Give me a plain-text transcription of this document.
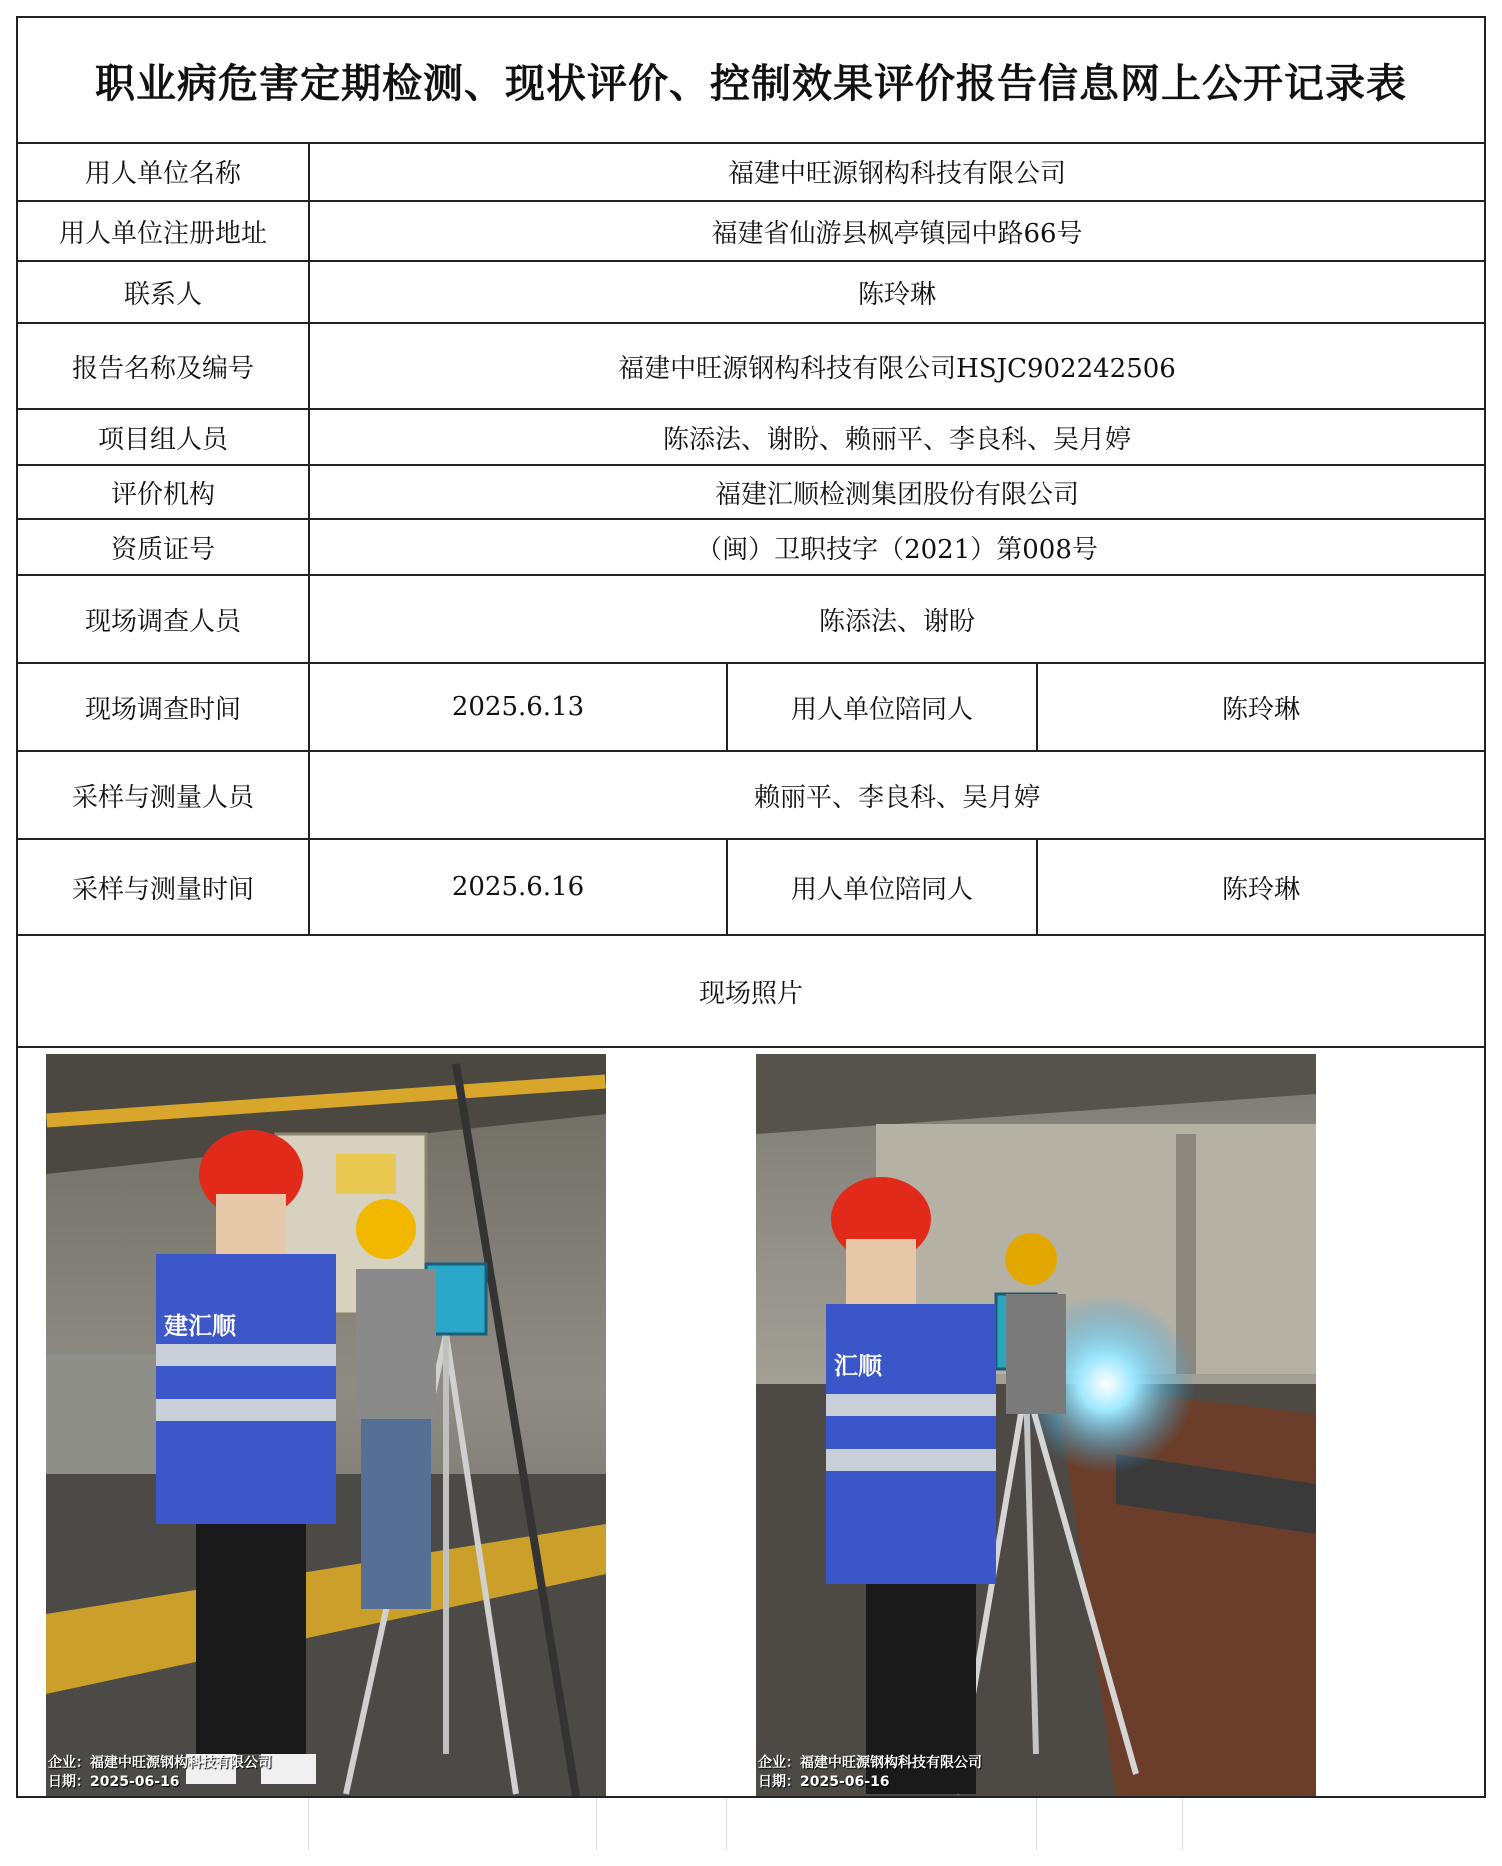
职业病危害定期检测、现状评价、控制效果评价报告信息网上公开记录表
用人单位名称	福建中旺源钢构科技有限公司
用人单位注册地址	福建省仙游县枫亭镇园中路66号
联系人	陈玲琳
报告名称及编号	福建中旺源钢构科技有限公司HSJC902242506
项目组人员	陈添法、谢盼、赖丽平、李良科、吴月婷
评价机构	福建汇顺检测集团股份有限公司
资质证号	（闽）卫职技字（2021）第008号
现场调查人员	陈添法、谢盼
现场调查时间	2025.6.13	用人单位陪同人	陈玲琳
采样与测量人员	赖丽平、李良科、吴月婷
采样与测量时间	2025.6.16	用人单位陪同人	陈玲琳
现场照片
建汇顺
企业：福建中旺源钢构科技有限公司
日期：2025-06-16
汇顺
企业：福建中旺源钢构科技有限公司
日期：2025-06-16
